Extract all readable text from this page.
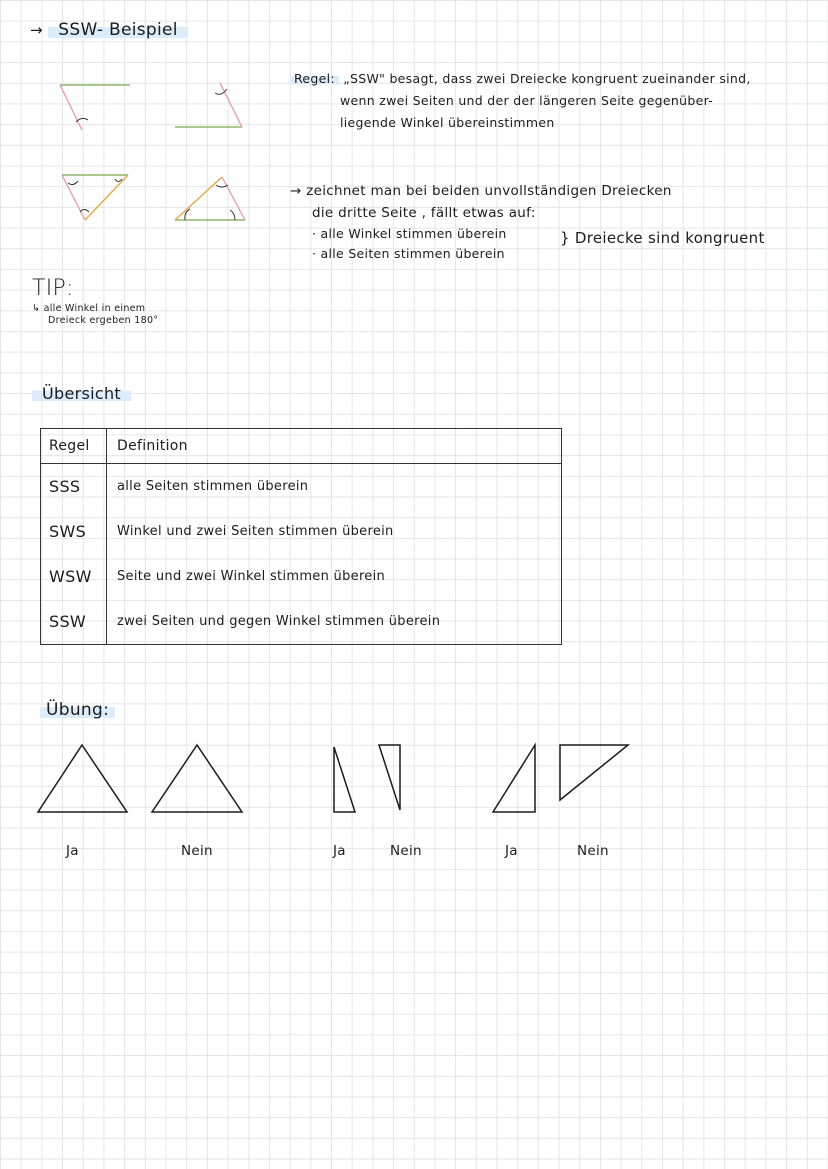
→ SSW- Beispiel
Regel: „SSW" besagt, dass zwei Dreiecke kongruent zueinander sind,
wenn zwei Seiten und der der längeren Seite gegenüber-
liegende Winkel übereinstimmen
→ zeichnet man bei beiden unvollständigen Dreiecken
die dritte Seite , fällt etwas auf:
· alle Winkel stimmen überein
· alle Seiten stimmen überein
} Dreiecke sind kongruent
TIP:
↳ alle Winkel in einem
Dreieck ergeben 180°
Übersicht
Regel	Definition
SSS	alle Seiten stimmen überein
SWS	Winkel und zwei Seiten stimmen überein
WSW	Seite und zwei Winkel stimmen überein
SSW	zwei Seiten und gegen Winkel stimmen überein
Übung:
Ja	Nein	Ja	Nein	Ja	Nein
